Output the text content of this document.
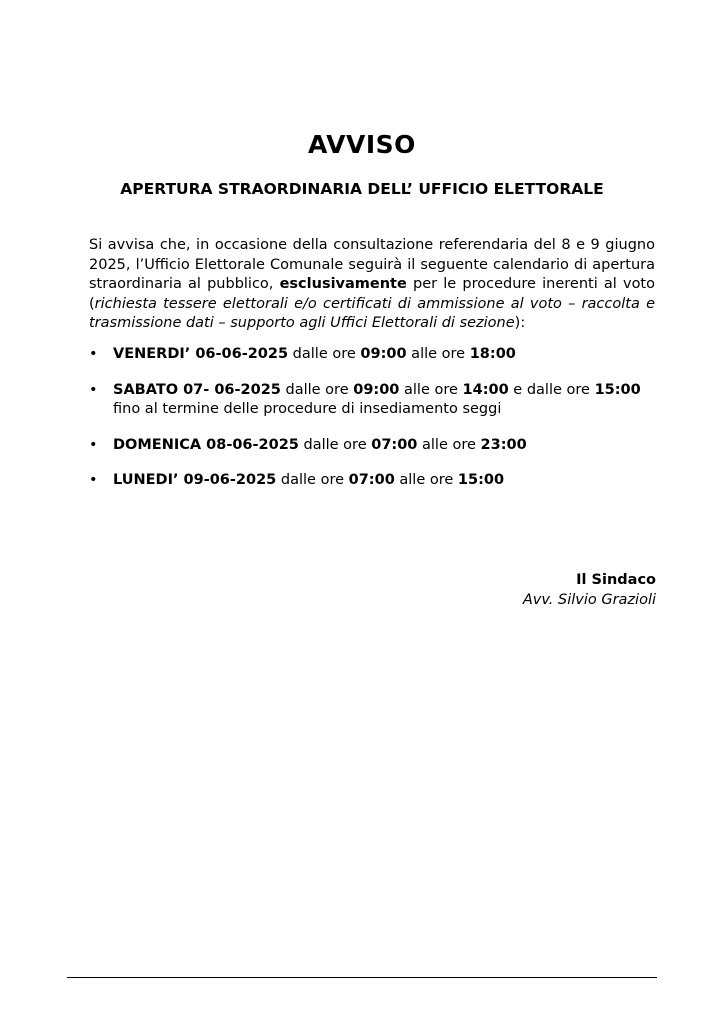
AVVISO
APERTURA STRAORDINARIA DELL’ UFFICIO ELETTORALE
Si avvisa che, in occasione della consultazione referendaria del 8 e 9 giugno 2025, l’Ufficio Elettorale Comunale seguirà il seguente calendario di apertura straordinaria al pubblico, esclusivamente per le procedure inerenti al voto (richiesta tessere elettorali e/o certificati di ammissione al voto – raccolta e trasmissione dati – supporto agli Uffici Elettorali di sezione):
•	VENERDI’ 06-06-2025 dalle ore 09:00 alle ore 18:00
•	SABATO 07- 06-2025 dalle ore 09:00 alle ore 14:00 e dalle ore 15:00
fino al termine delle procedure di insediamento seggi
•	DOMENICA 08-06-2025 dalle ore 07:00 alle ore 23:00
•	LUNEDI’ 09-06-2025 dalle ore 07:00 alle ore 15:00
Il Sindaco
Avv. Silvio Grazioli
